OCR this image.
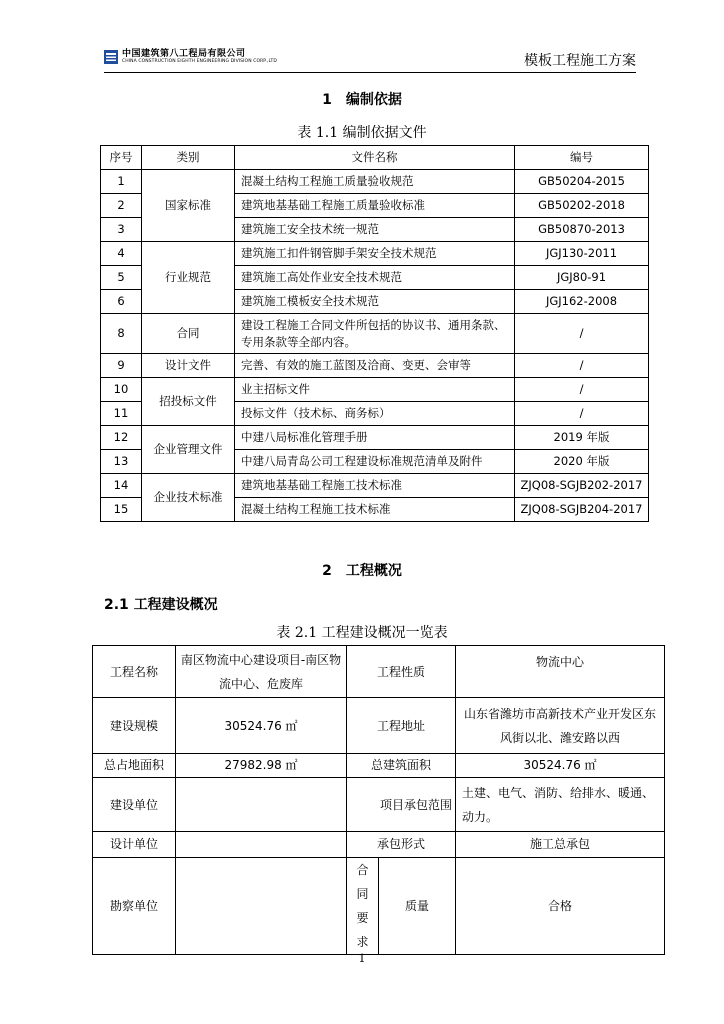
中国建筑第八工程局有限公司
CHINA CONSTRUCTION EIGHTH ENGINEERING DIVISION CORP.,LTD	模板工程施工方案
1 编制依据
表 1.1 编制依据文件
序号	类别	文件名称	编号
1	国家标准	混凝土结构工程施工质量验收规范	GB50204-2015
2		建筑地基基础工程施工质量验收标准	GB50202-2018
3		建筑施工安全技术统一规范	GB50870-2013
4	行业规范	建筑施工扣件钢管脚手架安全技术规范	JGJ130-2011
5		建筑施工高处作业安全技术规范	JGJ80-91
6		建筑施工模板安全技术规范	JGJ162-2008
8	合同	建设工程施工合同文件所包括的协议书、通用条款、专用条款等全部内容。	/
9	设计文件	完善、有效的施工蓝图及洽商、变更、会审等	/
10	招投标文件	业主招标文件	/
11		投标文件（技术标、商务标）	/
12	企业管理文件	中建八局标准化管理手册	2019 年版
13		中建八局青岛公司工程建设标准规范清单及附件	2020 年版
14	企业技术标准	建筑地基基础工程施工技术标准	ZJQ08-SGJB202-2017
15		混凝土结构工程施工技术标准	ZJQ08-SGJB204-2017
2 工程概况
2.1 工程建设概况
表 2.1 工程建设概况一览表
工程名称	南区物流中心建设项目-南区物流中心、危废库	工程性质		物流中心
建设规模	30524.76 ㎡	工程地址		山东省潍坊市高新技术产业开发区东风街以北、潍安路以西
总占地面积	27982.98 ㎡	总建筑面积		30524.76 ㎡
建设单位		项目承包范围		土建、电气、消防、给排水、暖通、动力。
设计单位		承包形式		施工总承包
勘察单位		合同要求	质量	合格
1
